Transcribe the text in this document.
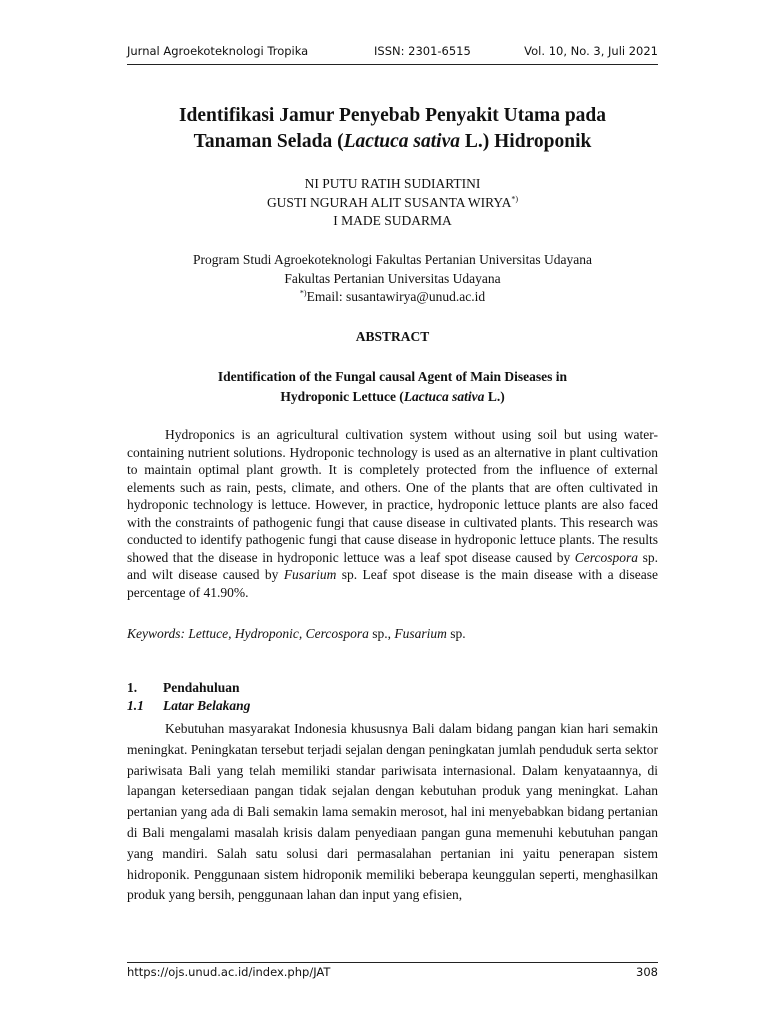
Jurnal Agroekoteknologi Tropika	ISSN: 2301-6515	Vol. 10, No. 3, Juli 2021
Identifikasi Jamur Penyebab Penyakit Utama pada
Tanaman Selada (Lactuca sativa L.) Hidroponik
NI PUTU RATIH SUDIARTINI
GUSTI NGURAH ALIT SUSANTA WIRYA*)
I MADE SUDARMA
Program Studi Agroekoteknologi Fakultas Pertanian Universitas Udayana
Fakultas Pertanian Universitas Udayana
*)Email: susantawirya@unud.ac.id
ABSTRACT
Identification of the Fungal causal Agent of Main Diseases in
Hydroponic Lettuce (Lactuca sativa L.)

Hydroponics is an agricultural cultivation system without using soil but using water-containing nutrient solutions. Hydroponic technology is used as an alternative in plant cultivation to maintain optimal plant growth. It is completely protected from the influence of external elements such as rain, pests, climate, and others. One of the plants that are often cultivated in hydroponic technology is lettuce. However, in practice, hydroponic lettuce plants are also faced with the constraints of pathogenic fungi that cause disease in cultivated plants. This research was conducted to identify pathogenic fungi that cause disease in hydroponic lettuce plants. The results showed that the disease in hydroponic lettuce was a leaf spot disease caused by Cercospora sp. and wilt disease caused by Fusarium sp. Leaf spot disease is the main disease with a disease percentage of 41.90%.

Keywords: Lettuce, Hydroponic, Cercospora sp., Fusarium sp.
1. Pendahuluan
1.1 Latar Belakang

Kebutuhan masyarakat Indonesia khususnya Bali dalam bidang pangan kian hari semakin meningkat. Peningkatan tersebut terjadi sejalan dengan peningkatan jumlah penduduk serta sektor pariwisata Bali yang telah memiliki standar pariwisata internasional. Dalam kenyataannya, di lapangan ketersediaan pangan tidak sejalan dengan kebutuhan produk yang meningkat. Lahan pertanian yang ada di Bali semakin lama semakin merosot, hal ini menyebabkan bidang pertanian di Bali mengalami masalah krisis dalam penyediaan pangan guna memenuhi kebutuhan pangan yang mandiri. Salah satu solusi dari permasalahan pertanian ini yaitu penerapan sistem hidroponik. Penggunaan sistem hidroponik memiliki beberapa keunggulan seperti, menghasilkan produk yang bersih, penggunaan lahan dan input yang efisien,

https://ojs.unud.ac.id/index.php/JAT	308
